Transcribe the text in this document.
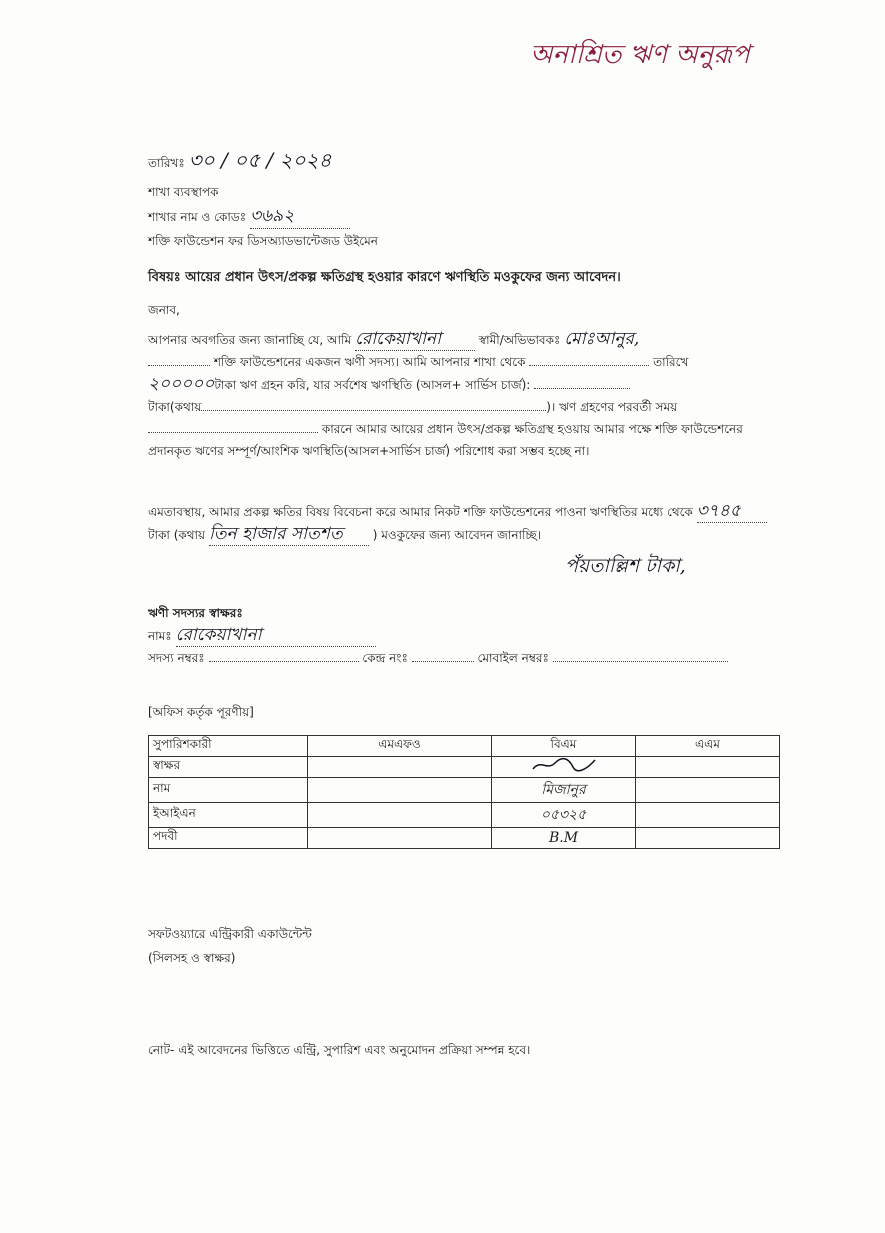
অনাশ্রিত ঋণ অনুরূপ
তারিখঃ ৩০ / ০৫ / ২০২৪
শাখা ব্যবস্থাপক
শাখার নাম ও কোডঃ ৩৬৯২
শক্তি ফাউন্ডেশন ফর ডিসঅ্যাডভান্টেজড উইমেন
বিষয়ঃ আয়ের প্রধান উৎস/প্রকল্প ক্ষতিগ্রস্থ হওয়ার কারণে ঋণস্থিতি মওকুফের জন্য আবেদন।
জনাব,
আপনার অবগতির জন্য জানাচ্ছি যে, আমি রোকেয়াখানা	স্বামী/অভিভাবকঃ মোঃআনুর,
শক্তি ফাউন্ডেশনের একজন ঋণী সদস্য। আমি আপনার শাখা থেকে	তারিখে
২০০০০০টাকা ঋণ গ্রহন করি, যার সর্বশেষ ঋণস্থিতি (আসল+ সার্ভিস চার্জ):
টাকা(কথায়	)। ঋণ গ্রহণের পরবর্তী সময়
কারনে আমার আয়ের প্রধান উৎস/প্রকল্প ক্ষতিগ্রস্থ হওয়ায় আমার পক্ষে শক্তি ফাউন্ডেশনের প্রদানকৃত ঋণের সম্পূর্ণ/আংশিক ঋণস্থিতি(আসল+সার্ভিস চার্জ) পরিশোধ করা সম্ভব হচ্ছে না।
এমতাবস্থায়, আমার প্রকল্প ক্ষতির বিষয় বিবেচনা করে আমার নিকট শক্তি ফাউন্ডেশনের পাওনা ঋণস্থিতির মধ্যে থেকে ৩৭৪৫ টাকা (কথায় তিন হাজার সাতশত	) মওকুফের জন্য আবেদন জানাচ্ছি।
পঁয়তাল্লিশ টাকা,
ঋণী সদস্যর স্বাক্ষরঃ
নামঃ রোকেয়াখানা
সদস্য নম্বরঃ	কেন্দ্র নংঃ	মোবাইল নম্বরঃ
[অফিস কর্তৃক পূরণীয়]
সুপারিশকারী	এমএফও	বিএম	এএম
স্বাক্ষর			
নাম		মিজানুর	
ইআইএন		০৫৩২৫	
পদবী		B.M	
সফটওয়্যারে এন্ট্রিকারী একাউন্টেন্ট
(সিলসহ ও স্বাক্ষর)
নোট- এই আবেদনের ভিত্তিতে এন্ট্রি, সুপারিশ এবং অনুমোদন প্রক্রিয়া সম্পন্ন হবে।
